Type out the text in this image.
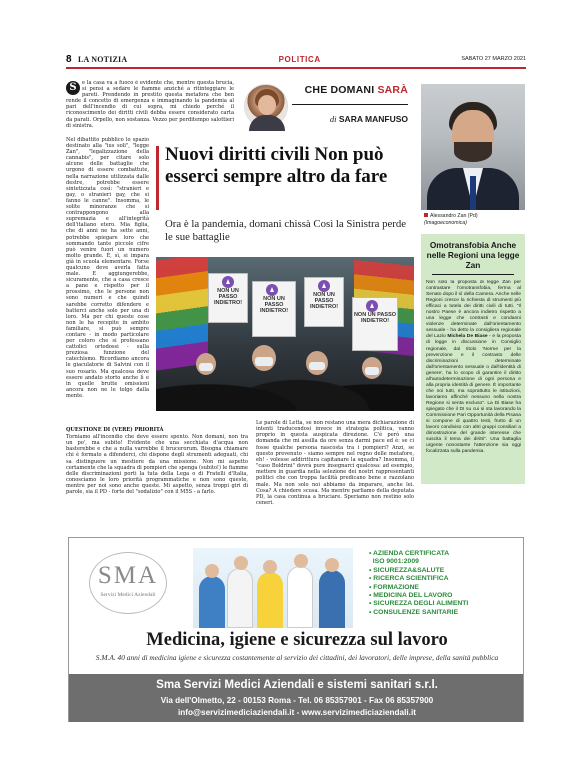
8 LA NOTIZIA	POLITICA	SABATO 27 MARZO 2021
S	e la casa va a fuoco è evidente che, mentre questa brucia, si pensi a sedare le fiamme anziché a ritinteggiare le pareti. Prendendo in prestito questa metafora che ben rende il concetto di emergenza e immaginando la pandemia al pari dell'incendio di cui sopra, mi chiedo perché il riconoscimento dei diritti civili debba essere considerato carta da parati. Orpello, non sostanza. Vezzo per perditempo salottieri di sinistra.
Nel dibattito pubblico lo spazio destinato alla "ius soli", "legge Zan", "legalizzazione della cannabis", per citare solo alcune delle battaglie che urgono di essere combattute, nella narrazione utilizzata dalle destre, potrebbe essere sintetizzata così: "stranieri e gay, o stranieri gay, che si fanno le canne". Insomma, le solite minoranze che si contrappongono alla supremazia e all'integrità dell'italiano etero. Mia figlia, che di anni ne ha sette anni, potrebbe spiegare loro che sommando tante piccole cifre può venire fuori un numero molto grande. È, sì, si impara già in scuola elementare. Forse qualcuno deve averla fatta male. E aggiungerebbe, sicuramente, che a casa cresce a pane e rispetto per il prossimo, che le persone non sono numeri e che quindi sarebbe corretto difendere e batterci anche solo per una di loro. Ma per chi queste cose non le ha recepite in ambito familiare, si può sempre contare - in modo particolare per coloro che si professano cattolici ortodossi - sulla preziosa funzione del catechismo. Ricordiamo ancora le giaculatorie di Salvini con il suo rosario. Ma qualcosa deve essere andato storto anche lì e in quelle brutte omissioni ancora non ne le tolgo dalla mente.
CHE DOMANI SARÀ
di SARA MANFUSO
Nuovi diritti civili Non può esserci sempre altro da fare
Ora è la pandemia, domani chissà Così la Sinistra perde le sue battaglie
NON UN PASSO INDIETRO!
NON UN PASSO INDIETRO!
NON UN PASSO INDIETRO!
NON UN PASSO INDIETRO!
QUESTIONE DI (VERE) PRIORITÀ
Torniamo all'incendio che deve essere spento. Non domani, non tra un po', ma subito! Evidente che una secchiata d'acqua non basterebbe e che a nulla varrebbe il brucerorum. Bisogna chiamare chi è formato a difenderci, chi dispone degli strumenti adeguati, chi sa distinguere un mestiere da una missione. Non mi aspetto certamente che la squadra di pompieri che spenga (subito!) le fiamme delle discriminazioni porti la tuta della Lega o di Fratelli d'Italia, conosciamo le loro priorità programmatiche e non sono queste, mentre per noi sono anche queste. Mi aspetto, senza troppi giri di parole, sia il PD - forte del "sodalizio" con il M5S - a farlo.
Le parole di Letta, se non restano una mera dichiarazione di intenti traducendosi invece in strategia politica, vanno proprio in questa auspicata direzione. C'è però una domanda che mi assilla da ore senza darmi pace ed è: se ci fosse qualche persona nascosta tra i pompieri? Anzi, se questo prevenuto - siamo sempre nel regno delle metafore, eh! - volesse addirittura capitanare la squadra? Insomma, il "caso Boldrini" dovrà pure insegnarci qualcosa: ad esempio, mettere in guardia nella selezione dei nostri rappresentanti politici che con troppa facilità predicano bene e razzolano male. Ma non solo noi abbiamo da imparare, anche lei. Cosa? A chiedere scusa. Ma mentre parliamo della deputata PD, la casa continua a bruciare. Speriamo non restino solo ceneri.
Alessandro Zan (Pd)
(Imagoeconomica)
Omotransfobia Anche nelle Regioni una legge Zan
Non solo la proposta di legge Zan per contrastare l'omotransfobia, ferma al Senato dopo il sì della Camera. Anche nelle Regioni cresce la richiesta di strumenti più efficaci a tutela dei diritti civili di tutti. "Il nostro Paese è ancora indietro rispetto a una legge che contrasti e condanni violenze determinate dall'orientamento sessuale - ha detto la consigliera regionale del Lazio Michela De Biase - e la proposta di legge in discussione in Consiglio regionale, dal titolo 'Norme per la prevenzione e il contrasto delle discriminazioni determinate dall'orientamento sessuale o dall'identità di genere', ha lo scopo di garantire il diritto all'autodeterminazione di ogni persona e alla propria identità di genere. È importante che noi tutti, ma soprattutto le istituzioni, lavoriamo affinché nessuno nella nostra Regione si senta escluso". La Di Biase ha spiegato che il DI su cui si sta lavorando la Commissione Pari Opportunità della Pisana si compone di quattro testi, frutto di un lavoro condiviso con altri gruppi consiliari a dimostrazione del grande interesse che suscita il tema dei diritti". Una battaglia urgente nonostante l'attenzione sia oggi focalizzata sulla pandemia.
SMA
Servizi Medici Aziendali
• AZIENDA CERTIFICATA
ISO 9001:2009
• SICUREZZA&SALUTE
• RICERCA SCIENTIFICA
• FORMAZIONE
• MEDICINA DEL LAVORO
• SICUREZZA DEGLI ALIMENTI
• CONSULENZE SANITARIE
Medicina, igiene e sicurezza sul lavoro
S.M.A. 40 anni di medicina igiene e sicurezza costantemente al servizio dei cittadini, dei lavoratori, delle imprese, della sanità pubblica
Sma Servizi Medici Aziendali e sistemi sanitari s.r.l.
Via dell'Olmetto, 22 - 00153 Roma - Tel. 06 85357901 - Fax 06 85357900
info@servizimediciaziendali.it - www.servizimediciaziendali.it
